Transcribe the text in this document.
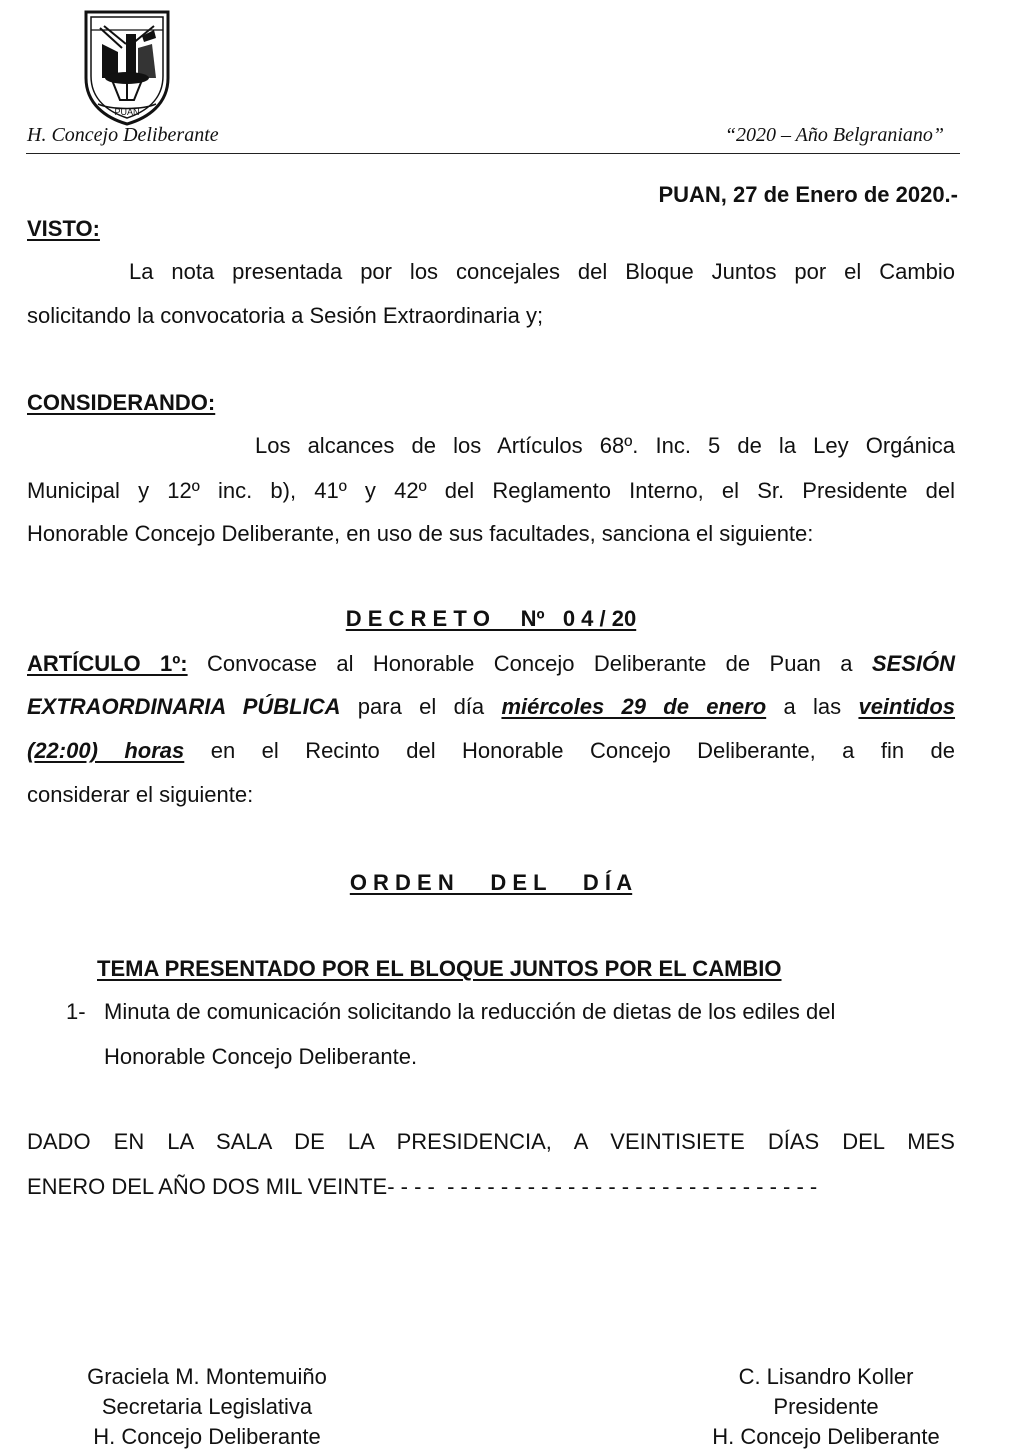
PUAN
H. Concejo Deliberante	“2020 – Año Belgraniano”
PUAN, 27 de Enero de 2020.-
VISTO:
La nota presentada por los concejales del Bloque Juntos por el Cambio
solicitando la convocatoria a Sesión Extraordinaria y;
CONSIDERANDO:
Los alcances de los Artículos 68º. Inc. 5 de la Ley Orgánica
Municipal y 12º inc. b), 41º y 42º del Reglamento Interno, el Sr. Presidente del
Honorable Concejo Deliberante, en uso de sus facultades, sanciona el siguiente:
D E C R E T O     Nº   0 4 / 20
ARTÍCULO 1º: Convocase al Honorable Concejo Deliberante de Puan a SESIÓN
EXTRAORDINARIA PÚBLICA para el día miércoles 29 de enero a las veintidos
(22:00) horas en el Recinto del Honorable Concejo Deliberante, a fin de
considerar el siguiente:
O R D E N      D E L      D Í A
TEMA PRESENTADO POR EL BLOQUE JUNTOS POR EL CAMBIO
1- Minuta de comunicación solicitando la reducción de dietas de los ediles del
Honorable Concejo Deliberante.
DADO EN LA SALA DE LA PRESIDENCIA, A VEINTISIETE DÍAS DEL MES
ENERO DEL AÑO DOS MIL VEINTE- - - -  - - - - - - - - - - - - - - - - - - - - - - - - - - - -
Graciela M. Montemuiño
Secretaria Legislativa
H. Concejo Deliberante
C. Lisandro Koller
Presidente
H. Concejo Deliberante
